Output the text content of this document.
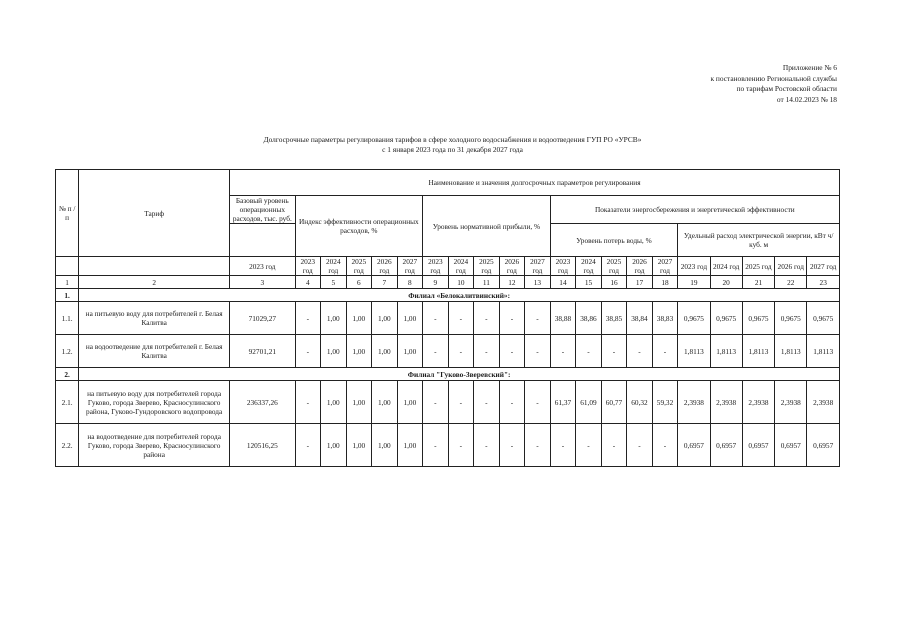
Приложение № 6
к постановлению Региональной службы
по тарифам Ростовской области
от 14.02.2023 № 18
Долгосрочные параметры регулирования тарифов в сфере холодного водоснабжения и водоотведения ГУП РО «УРСВ»
с 1 января 2023 года по 31 декабря 2027 года
№ п /п	Тариф	Наименование и значения долгосрочных параметров регулирования																				
		Базовый уровень операционных расходов, тыс. руб.	Индекс эффективности операционных расходов, %					Уровень нормативной прибыли, %					Показатели энергосбережения и энергетической эффективности									
													Уровень потерь воды, %					Удельный расход электрической энергии, кВт ч/куб. м				
		2023 год	2023 год	2024 год	2025 год	2026 год	2027 год	2023 год	2024 год	2025 год	2026 год	2027 год	2023 год	2024 год	2025 год	2026 год	2027 год	2023 год	2024 год	2025 год	2026 год	2027 год
1	2	3	4	5	6	7	8	9	10	11	12	13	14	15	16	17	18	19	20	21	22	23
1.	Филиал «Белокалитвинский»:																					
1.1.	на питьевую воду для потребителей г. Белая Калитва	71029,27	-	1,00	1,00	1,00	1,00	-	-	-	-	-	38,88	38,86	38,85	38,84	38,83	0,9675	0,9675	0,9675	0,9675	0,9675
1.2.	на водоотведение для потребителей г. Белая Калитва	92701,21	-	1,00	1,00	1,00	1,00	-	-	-	-	-	-	-	-	-	-	1,8113	1,8113	1,8113	1,8113	1,8113
2.	Филиал "Гуково-Зверевский":																					
2.1.	на питьевую воду для потребителей города Гуково, города Зверево, Красносулинского района, Гуково-Гундоровского водопровода	236337,26	-	1,00	1,00	1,00	1,00	-	-	-	-	-	61,37	61,09	60,77	60,32	59,32	2,3938	2,3938	2,3938	2,3938	2,3938
2.2.	на водоотведение для потребителей города Гуково, города Зверево, Красносулинского района	120516,25	-	1,00	1,00	1,00	1,00	-	-	-	-	-	-	-	-	-	-	0,6957	0,6957	0,6957	0,6957	0,6957
